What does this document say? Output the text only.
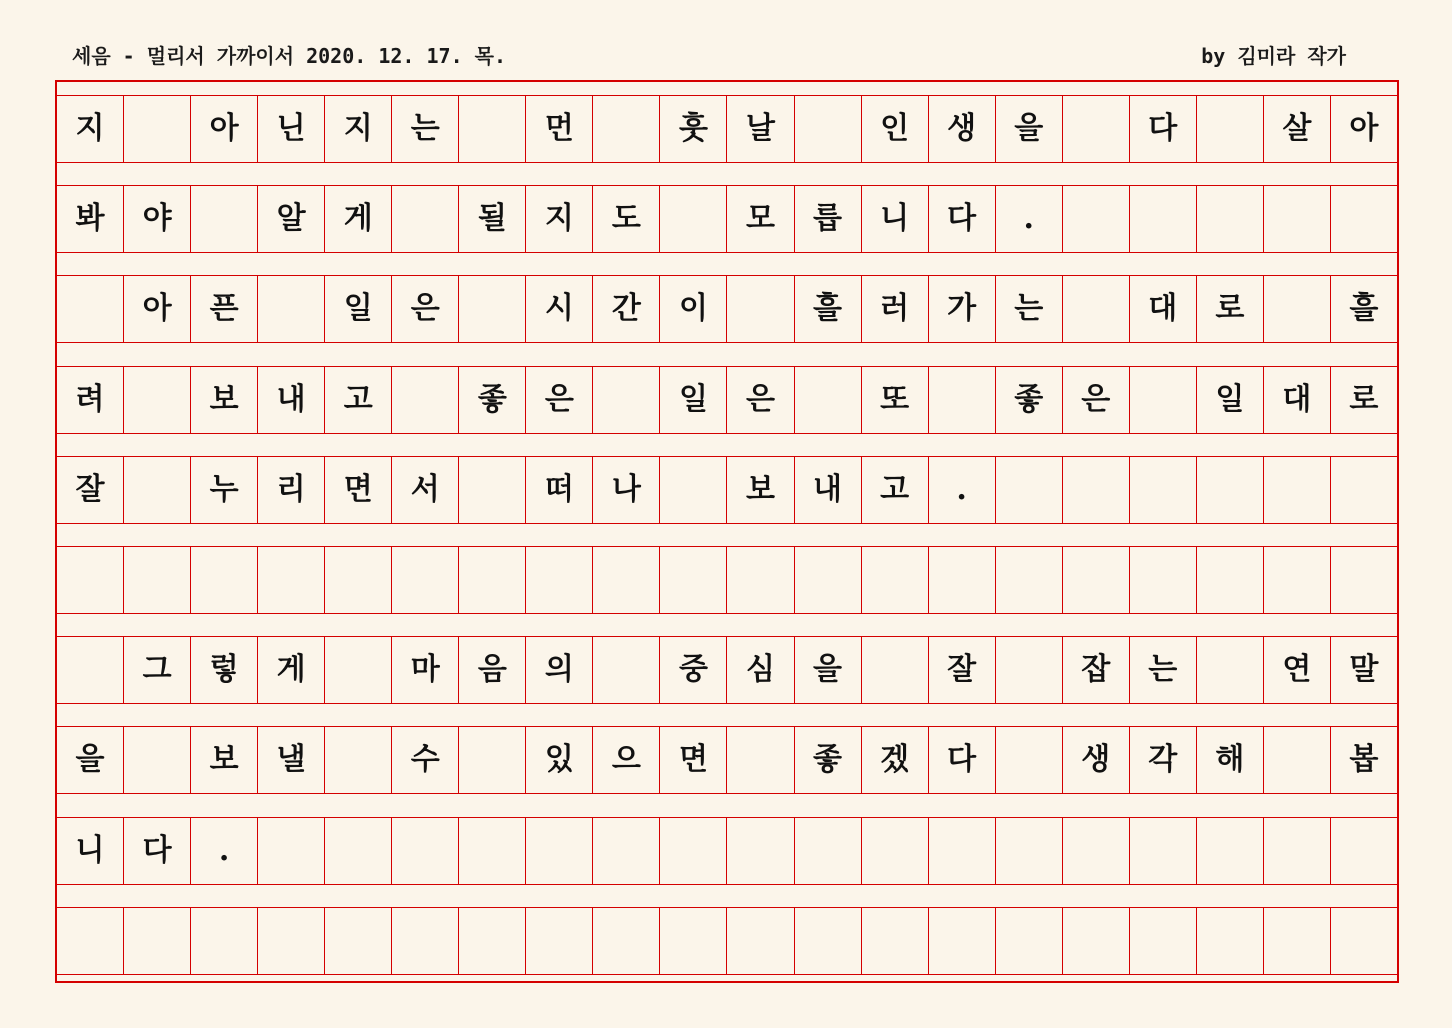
세음 - 멀리서 가까이서 2020. 12. 17. 목.	by 김미라 작가
지	아	닌	지	는	먼	훗	날	인	생	을	다	살	아
봐	야	알	게	될	지	도	모	릅	니	다	.
아	픈	일	은	시	간	이	흘	러	가	는	대	로	흘
려	보	내	고	좋	은	일	은	또	좋	은	일	대	로
잘	누	리	면	서	떠	나	보	내	고	.
그	렇	게	마	음	의	중	심	을	잘	잡	는	연	말
을	보	낼	수	있	으	면	좋	겠	다	생	각	해	봅
니	다	.
